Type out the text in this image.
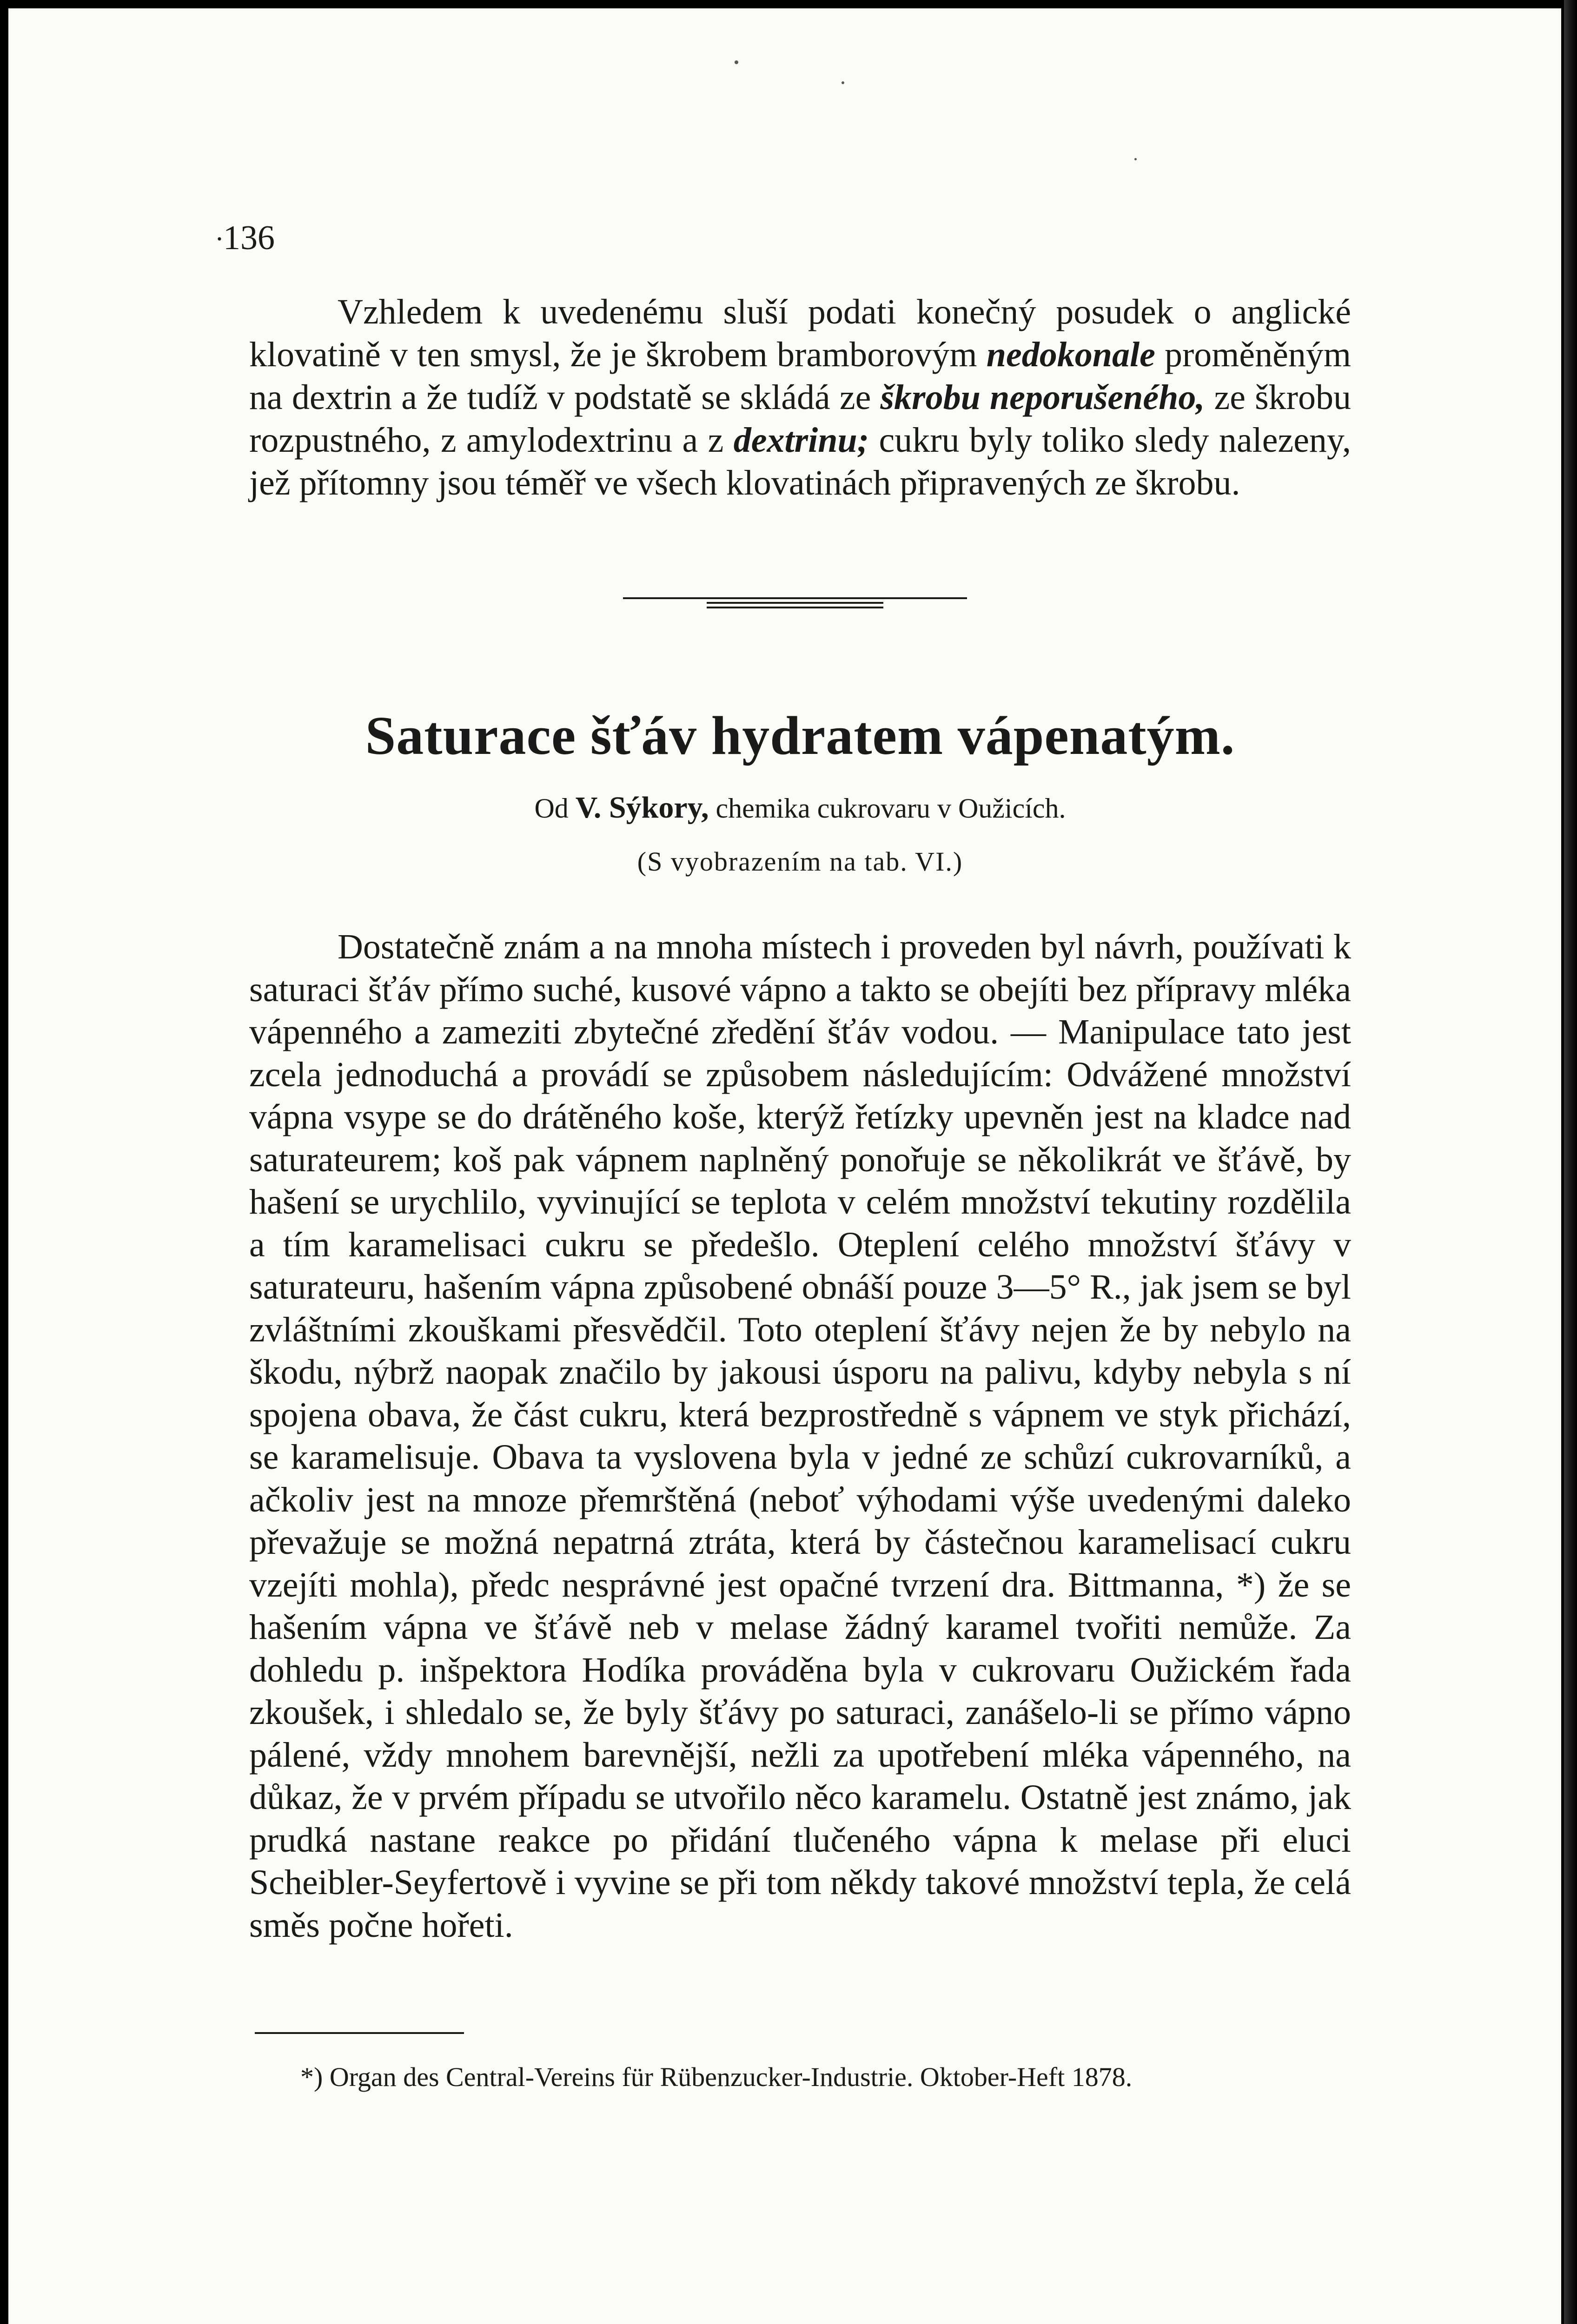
·
136

Vzhledem k uvedenému sluší podati konečný posudek o anglické klovatině v ten smysl, že je škrobem bramborovým nedokonale proměněným na dextrin a že tudíž v podstatě se skládá ze škrobu neporušeného, ze škrobu rozpustného, z amylodextrinu a z dextrinu; cukru byly toliko sledy nalezeny, jež přítomny jsou téměř ve všech klovatinách připravených ze škrobu.

Saturace šťáv hydratem vápenatým.

Od V. Sýkory, chemika cukrovaru v Oužicích.

(S vyobrazením na tab. VI.)

Dostatečně znám a na mnoha místech i proveden byl návrh, používati k saturaci šťáv přímo suché, kusové vápno a takto se obejíti bez přípravy mléka vápenného a zameziti zbytečné zředění šťáv vodou. — Manipulace tato jest zcela jednoduchá a provádí se způsobem následujícím: Odvážené množství vápna vsype se do drátěného koše, kterýž řetízky upevněn jest na kladce nad saturateurem; koš pak vápnem naplněný ponořuje se několikrát ve šťávě, by hašení se urychlilo, vyvinující se teplota v celém množství tekutiny rozdělila a tím karamelisaci cukru se předešlo. Oteplení celého množství šťávy v saturateuru, hašením vápna způsobené obnáší pouze 3—5° R., jak jsem se byl zvláštními zkouškami přesvědčil. Toto oteplení šťávy nejen že by nebylo na škodu, nýbrž naopak značilo by jakousi úsporu na palivu, kdyby nebyla s ní spojena obava, že část cukru, která bezprostředně s vápnem ve styk přichází, se karamelisuje. Obava ta vyslovena byla v jedné ze schůzí cukrovarníků, a ačkoliv jest na mnoze přemrštěná (neboť výhodami výše uvedenými daleko převažuje se možná nepatrná ztráta, která by částečnou karamelisací cukru vzejíti mohla), předc nesprávné jest opačné tvrzení dra. Bittmanna, *) že se hašením vápna ve šťávě neb v melase žádný karamel tvořiti nemůže. Za dohledu p. inšpektora Hodíka prováděna byla v cukrovaru Oužickém řada zkoušek, i shledalo se, že byly šťávy po saturaci, zanášelo-li se přímo vápno pálené, vždy mnohem barevnější, nežli za upotřebení mléka vápenného, na důkaz, že v prvém případu se utvořilo něco karamelu. Ostatně jest známo, jak prudká nastane reakce po přidání tlučeného vápna k melase při eluci Scheibler-Seyfertově i vyvine se při tom někdy takové množství tepla, že celá směs počne hořeti.

*) Organ des Central-Vereins für Rübenzucker-Industrie. Oktober-Heft 1878.
